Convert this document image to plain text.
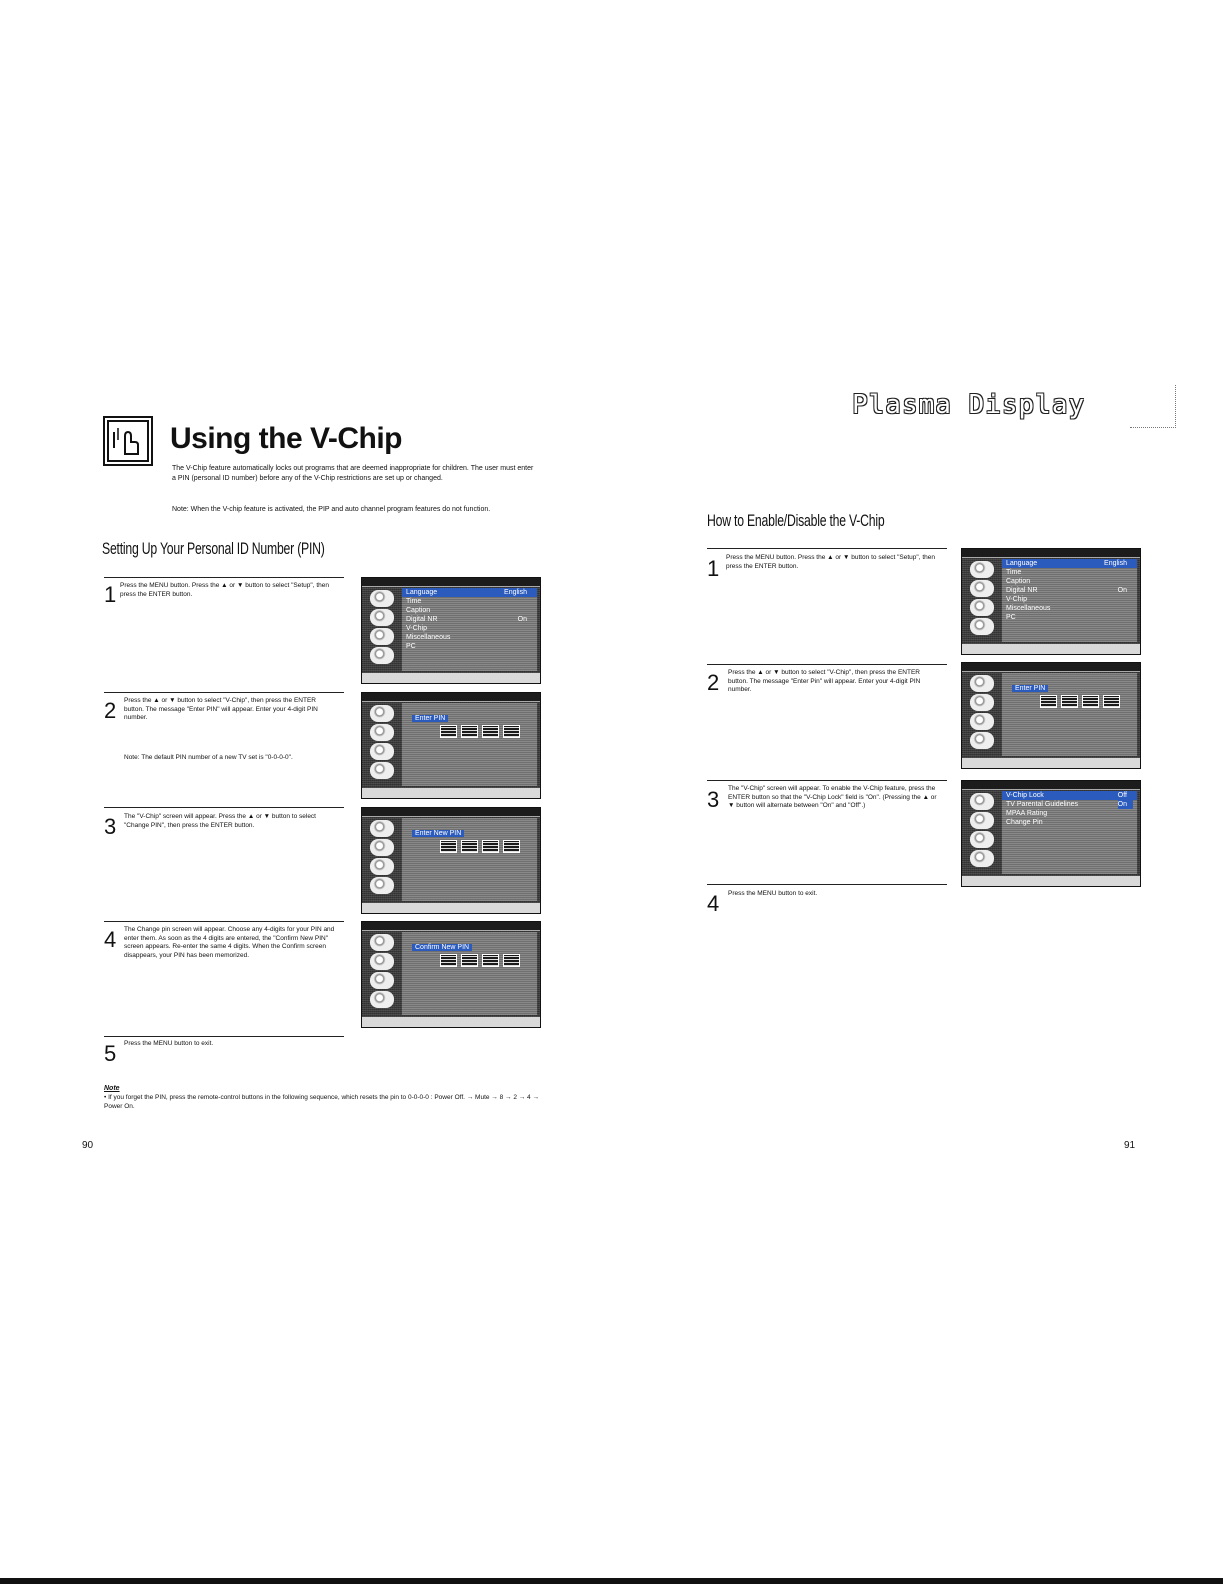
Using the V-Chip
The V-Chip feature automatically locks out programs that are deemed inappropriate for children. The user must enter a PIN (personal ID number) before any of the V-Chip restrictions are set up or changed.
Note: When the V-chip feature is activated, the PIP and auto channel program features do not function.
Setting Up Your Personal ID Number (PIN)
1 Press the MENU button. Press the ▲ or ▼ button to select "Setup", then press the ENTER button.
2 Press the ▲ or ▼ button to select "V-Chip", then press the ENTER button. The message "Enter PIN" will appear. Enter your 4-digit PIN number.
Note: The default PIN number of a new TV set is "0-0-0-0".
3 The "V-Chip" screen will appear. Press the ▲ or ▼ button to select "Change PIN", then press the ENTER button.
4 The Change pin screen will appear. Choose any 4-digits for your PIN and enter them. As soon as the 4 digits are entered, the "Confirm New PIN" screen appears. Re-enter the same 4 digits. When the Confirm screen disappears, your PIN has been memorized.
5 Press the MENU button to exit.
Language	English
Time
Caption
Digital NR	On
V-Chip
Miscellaneous
PC
Enter PIN
Enter New PIN
Confirm New PIN
Note
• If you forget the PIN, press the remote-control buttons in the following sequence, which resets the pin to 0-0-0-0 : Power Off. → Mute → 8 → 2 → 4 → Power On.
90
Plasma Display
How to Enable/Disable the V-Chip
1 Press the MENU button. Press the ▲ or ▼ button to select "Setup", then press the ENTER button.
2 Press the ▲ or ▼ button to select "V-Chip", then press the ENTER button. The message "Enter Pin" will appear. Enter your 4-digit PIN number.
3 The "V-Chip" screen will appear. To enable the V-Chip feature, press the ENTER button so that the "V-Chip Lock" field is "On". (Pressing the ▲ or ▼ button will alternate between "On" and "Off".)
4 Press the MENU button to exit.
Language	English
Time
Caption
Digital NR	On
V-Chip
Miscellaneous
PC
Enter PIN
V-Chip Lock	Off
TV Parental Guidelines	On
MPAA Rating
Change Pin
91
